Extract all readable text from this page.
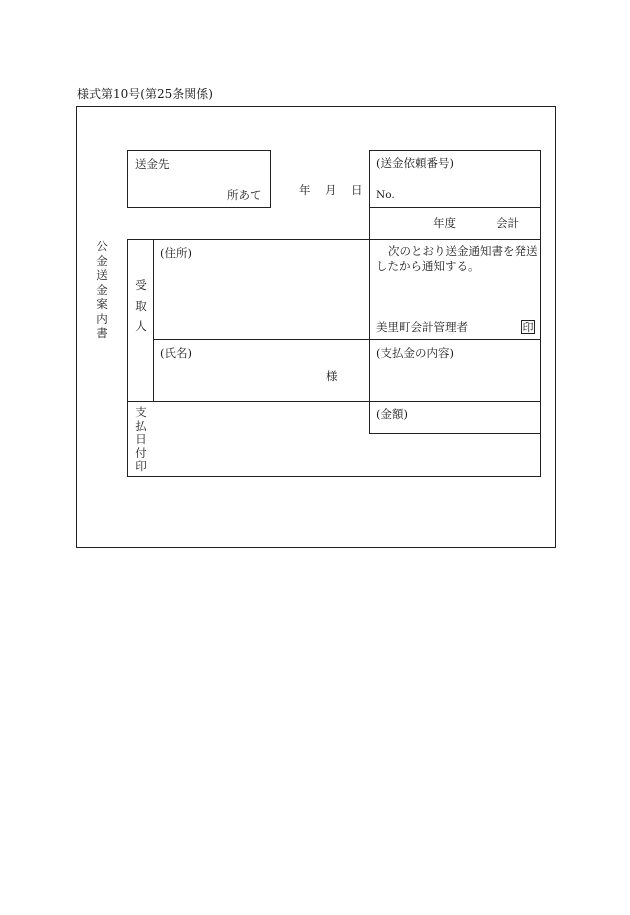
様式第10号(第25条関係)
公金送金案内書
送金先
所あて	年 月 日
(送金依頼番号)
No.
年度	会計
受取人
(住所)
(氏名)
様
次のとおり送金通知書を発送したから通知する。
美里町会計管理者	印
(支払金の内容)
(金額)
支払日付印
